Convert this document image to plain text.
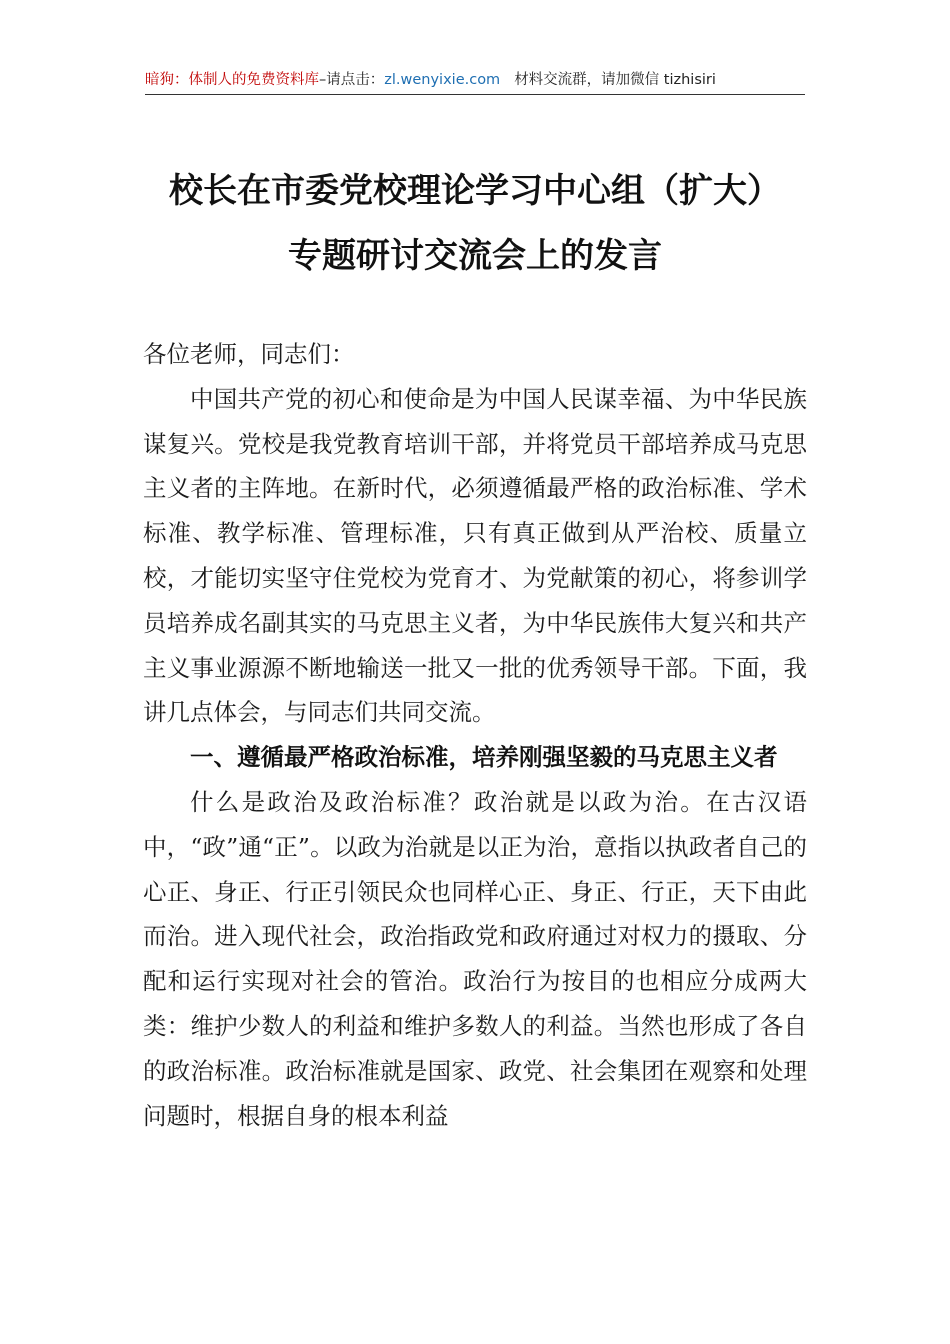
暗狗：体制人的免费资料库–请点击：zl.wenyixie.com 材料交流群，请加微信 tizhisiri
校长在市委党校理论学习中心组（扩大）
专题研讨交流会上的发言

各位老师，同志们：

中国共产党的初心和使命是为中国人民谋幸福、为中华民族谋复兴。党校是我党教育培训干部，并将党员干部培养成马克思主义者的主阵地。在新时代，必须遵循最严格的政治标准、学术标准、教学标准、管理标准，只有真正做到从严治校、质量立校，才能切实坚守住党校为党育才、为党献策的初心，将参训学员培养成名副其实的马克思主义者，为中华民族伟大复兴和共产主义事业源源不断地输送一批又一批的优秀领导干部。下面，我讲几点体会，与同志们共同交流。

一、遵循最严格政治标准，培养刚强坚毅的马克思主义者

什么是政治及政治标准？政治就是以政为治。在古汉语中，“政”通“正”。以政为治就是以正为治，意指以执政者自己的心正、身正、行正引领民众也同样心正、身正、行正，天下由此而治。进入现代社会，政治指政党和政府通过对权力的摄取、分配和运行实现对社会的管治。政治行为按目的也相应分成两大类：维护少数人的利益和维护多数人的利益。当然也形成了各自的政治标准。政治标准就是国家、政党、社会集团在观察和处理问题时，根据自身的根本利益
